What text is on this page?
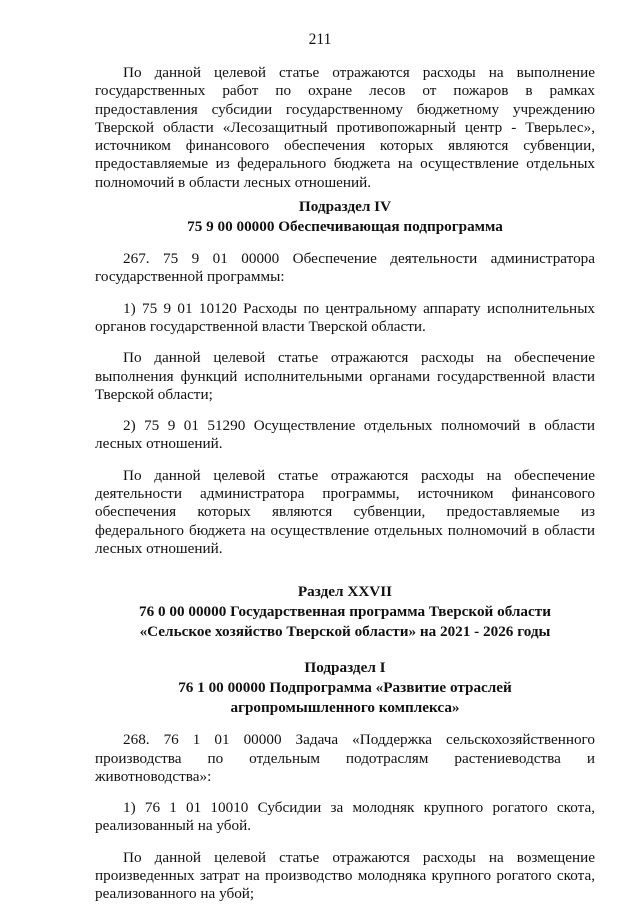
211

По данной целевой статье отражаются расходы на выполнение государственных работ по охране лесов от пожаров в рамках предоставления субсидии государственному бюджетному учреждению Тверской области «Лесозащитный противопожарный центр - Тверьлес», источником финансового обеспечения которых являются субвенции, предоставляемые из федерального бюджета на осуществление отдельных полномочий в области лесных отношений.

Подраздел IV

75 9 00 00000 Обеспечивающая подпрограмма

267. 75 9 01 00000 Обеспечение деятельности администратора государственной программы:

1) 75 9 01 10120 Расходы по центральному аппарату исполнительных органов государственной власти Тверской области.

По данной целевой статье отражаются расходы на обеспечение выполнения функций исполнительными органами государственной власти Тверской области;

2) 75 9 01 51290 Осуществление отдельных полномочий в области лесных отношений.

По данной целевой статье отражаются расходы на обеспечение деятельности администратора программы, источником финансового обеспечения которых являются субвенции, предоставляемые из федерального бюджета на осуществление отдельных полномочий в области лесных отношений.

Раздел XXVII

76 0 00 00000 Государственная программа Тверской области

«Сельское хозяйство Тверской области» на 2021 - 2026 годы

Подраздел I

76 1 00 00000 Подпрограмма «Развитие отраслей

агропромышленного комплекса»

268. 76 1 01 00000 Задача «Поддержка сельскохозяйственного производства по отдельным подотраслям растениеводства и животноводства»:

1) 76 1 01 10010 Субсидии за молодняк крупного рогатого скота, реализованный на убой.

По данной целевой статье отражаются расходы на возмещение произведенных затрат на производство молодняка крупного рогатого скота, реализованного на убой;
